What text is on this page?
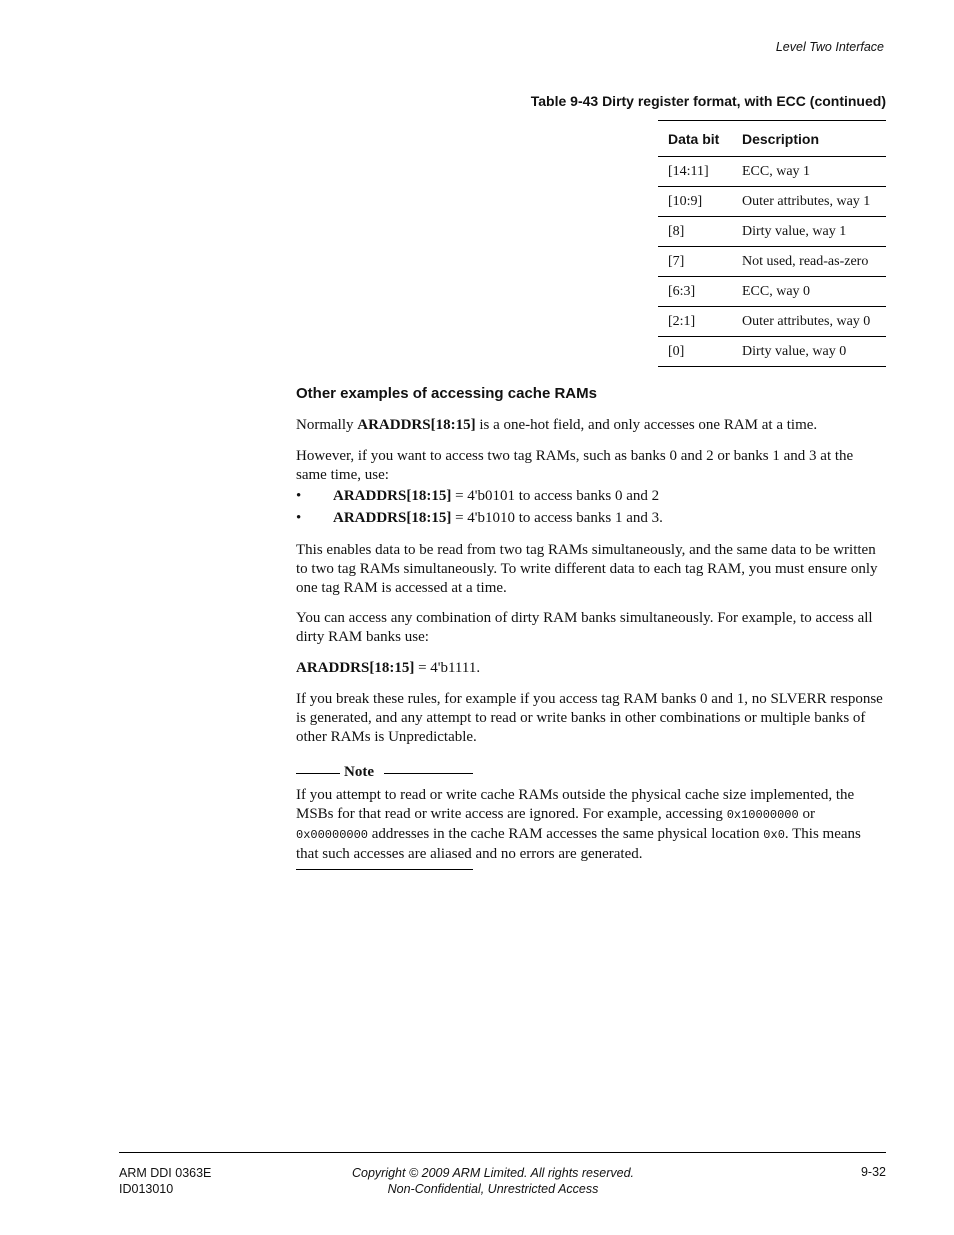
Level Two Interface
Table 9-43 Dirty register format, with ECC (continued)
Data bit	Description
[14:11]	ECC, way 1
[10:9]	Outer attributes, way 1
[8]	Dirty value, way 1
[7]	Not used, read-as-zero
[6:3]	ECC, way 0
[2:1]	Outer attributes, way 0
[0]	Dirty value, way 0
Other examples of accessing cache RAMs
Normally ARADDRS[18:15] is a one-hot field, and only accesses one RAM at a time.
However, if you want to access two tag RAMs, such as banks 0 and 2 or banks 1 and 3 at the same time, use:
• ARADDRS[18:15] = 4'b0101 to access banks 0 and 2
• ARADDRS[18:15] = 4'b1010 to access banks 1 and 3.
This enables data to be read from two tag RAMs simultaneously, and the same data to be written to two tag RAMs simultaneously. To write different data to each tag RAM, you must ensure only one tag RAM is accessed at a time.
You can access any combination of dirty RAM banks simultaneously. For example, to access all dirty RAM banks use:
ARADDRS[18:15] = 4'b1111.
If you break these rules, for example if you access tag RAM banks 0 and 1, no SLVERR response is generated, and any attempt to read or write banks in other combinations or multiple banks of other RAMs is Unpredictable.
Note
If you attempt to read or write cache RAMs outside the physical cache size implemented, the MSBs for that read or write access are ignored. For example, accessing 0x10000000 or 0x00000000 addresses in the cache RAM accesses the same physical location 0x0. This means that such accesses are aliased and no errors are generated.
ARM DDI 0363E
ID013010
Copyright © 2009 ARM Limited. All rights reserved.
Non-Confidential, Unrestricted Access
9-32
